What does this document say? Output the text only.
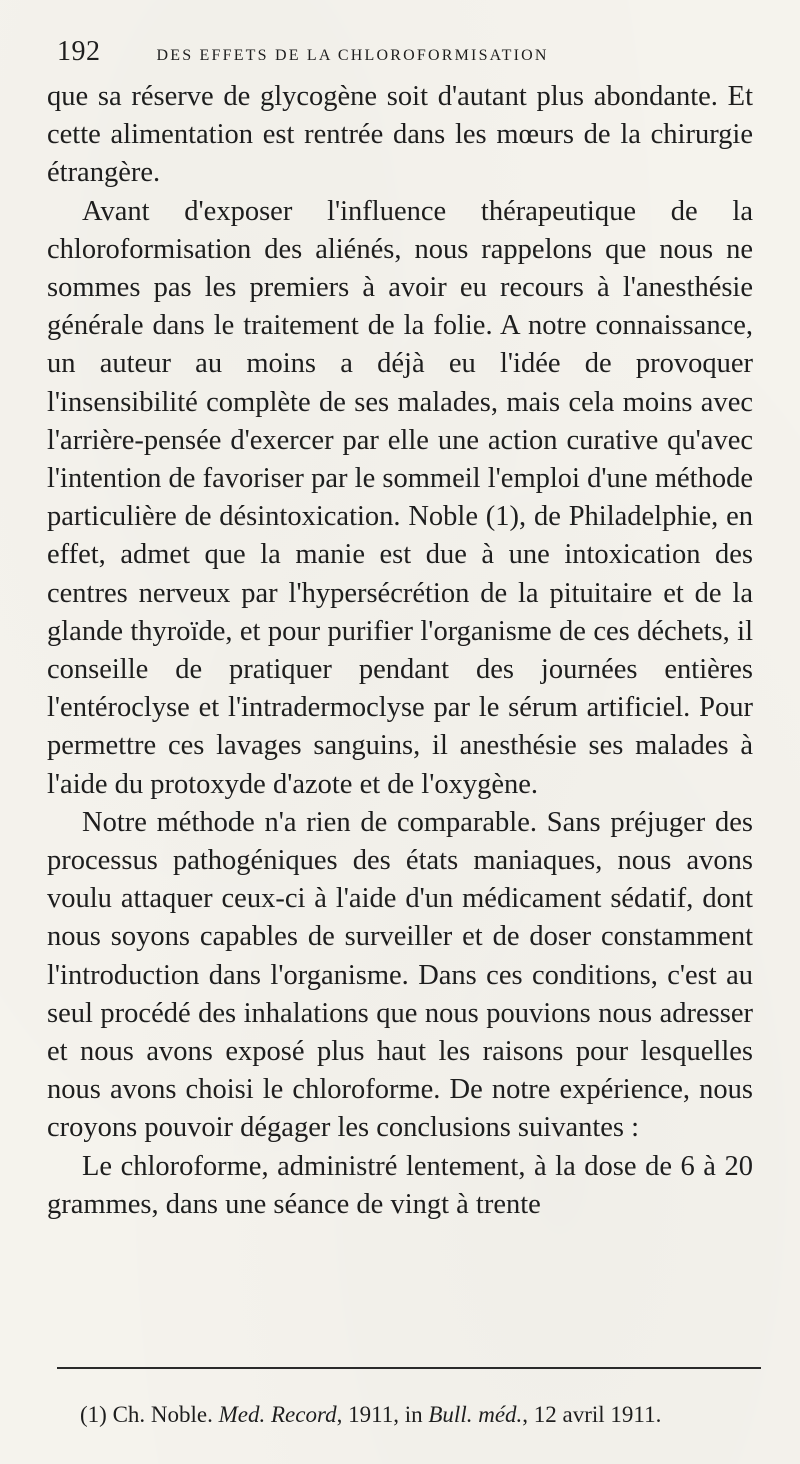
192	DES EFFETS DE LA CHLOROFORMISATION

que sa réserve de glycogène soit d'autant plus abondante. Et cette alimentation est rentrée dans les mœurs de la chirurgie étrangère.

Avant d'exposer l'influence thérapeutique de la chloroformisation des aliénés, nous rappelons que nous ne sommes pas les premiers à avoir eu recours à l'anesthésie générale dans le traitement de la folie. A notre connaissance, un auteur au moins a déjà eu l'idée de provoquer l'insensibilité complète de ses malades, mais cela moins avec l'arrière-pensée d'exercer par elle une action curative qu'avec l'intention de favoriser par le sommeil l'emploi d'une méthode particulière de désintoxication. Noble (1), de Philadelphie, en effet, admet que la manie est due à une intoxication des centres nerveux par l'hypersécrétion de la pituitaire et de la glande thyroïde, et pour purifier l'organisme de ces déchets, il conseille de pratiquer pendant des journées entières l'entéroclyse et l'intradermoclyse par le sérum artificiel. Pour permettre ces lavages sanguins, il anesthésie ses malades à l'aide du protoxyde d'azote et de l'oxygène.

Notre méthode n'a rien de comparable. Sans préjuger des processus pathogéniques des états maniaques, nous avons voulu attaquer ceux-ci à l'aide d'un médicament sédatif, dont nous soyons capables de surveiller et de doser constamment l'introduction dans l'organisme. Dans ces conditions, c'est au seul procédé des inhalations que nous pouvions nous adresser et nous avons exposé plus haut les raisons pour lesquelles nous avons choisi le chloroforme. De notre expérience, nous croyons pouvoir dégager les conclusions suivantes :

Le chloroforme, administré lentement, à la dose de 6 à 20 grammes, dans une séance de vingt à trente

(1) Ch. Noble. Med. Record, 1911, in Bull. méd., 12 avril 1911.
